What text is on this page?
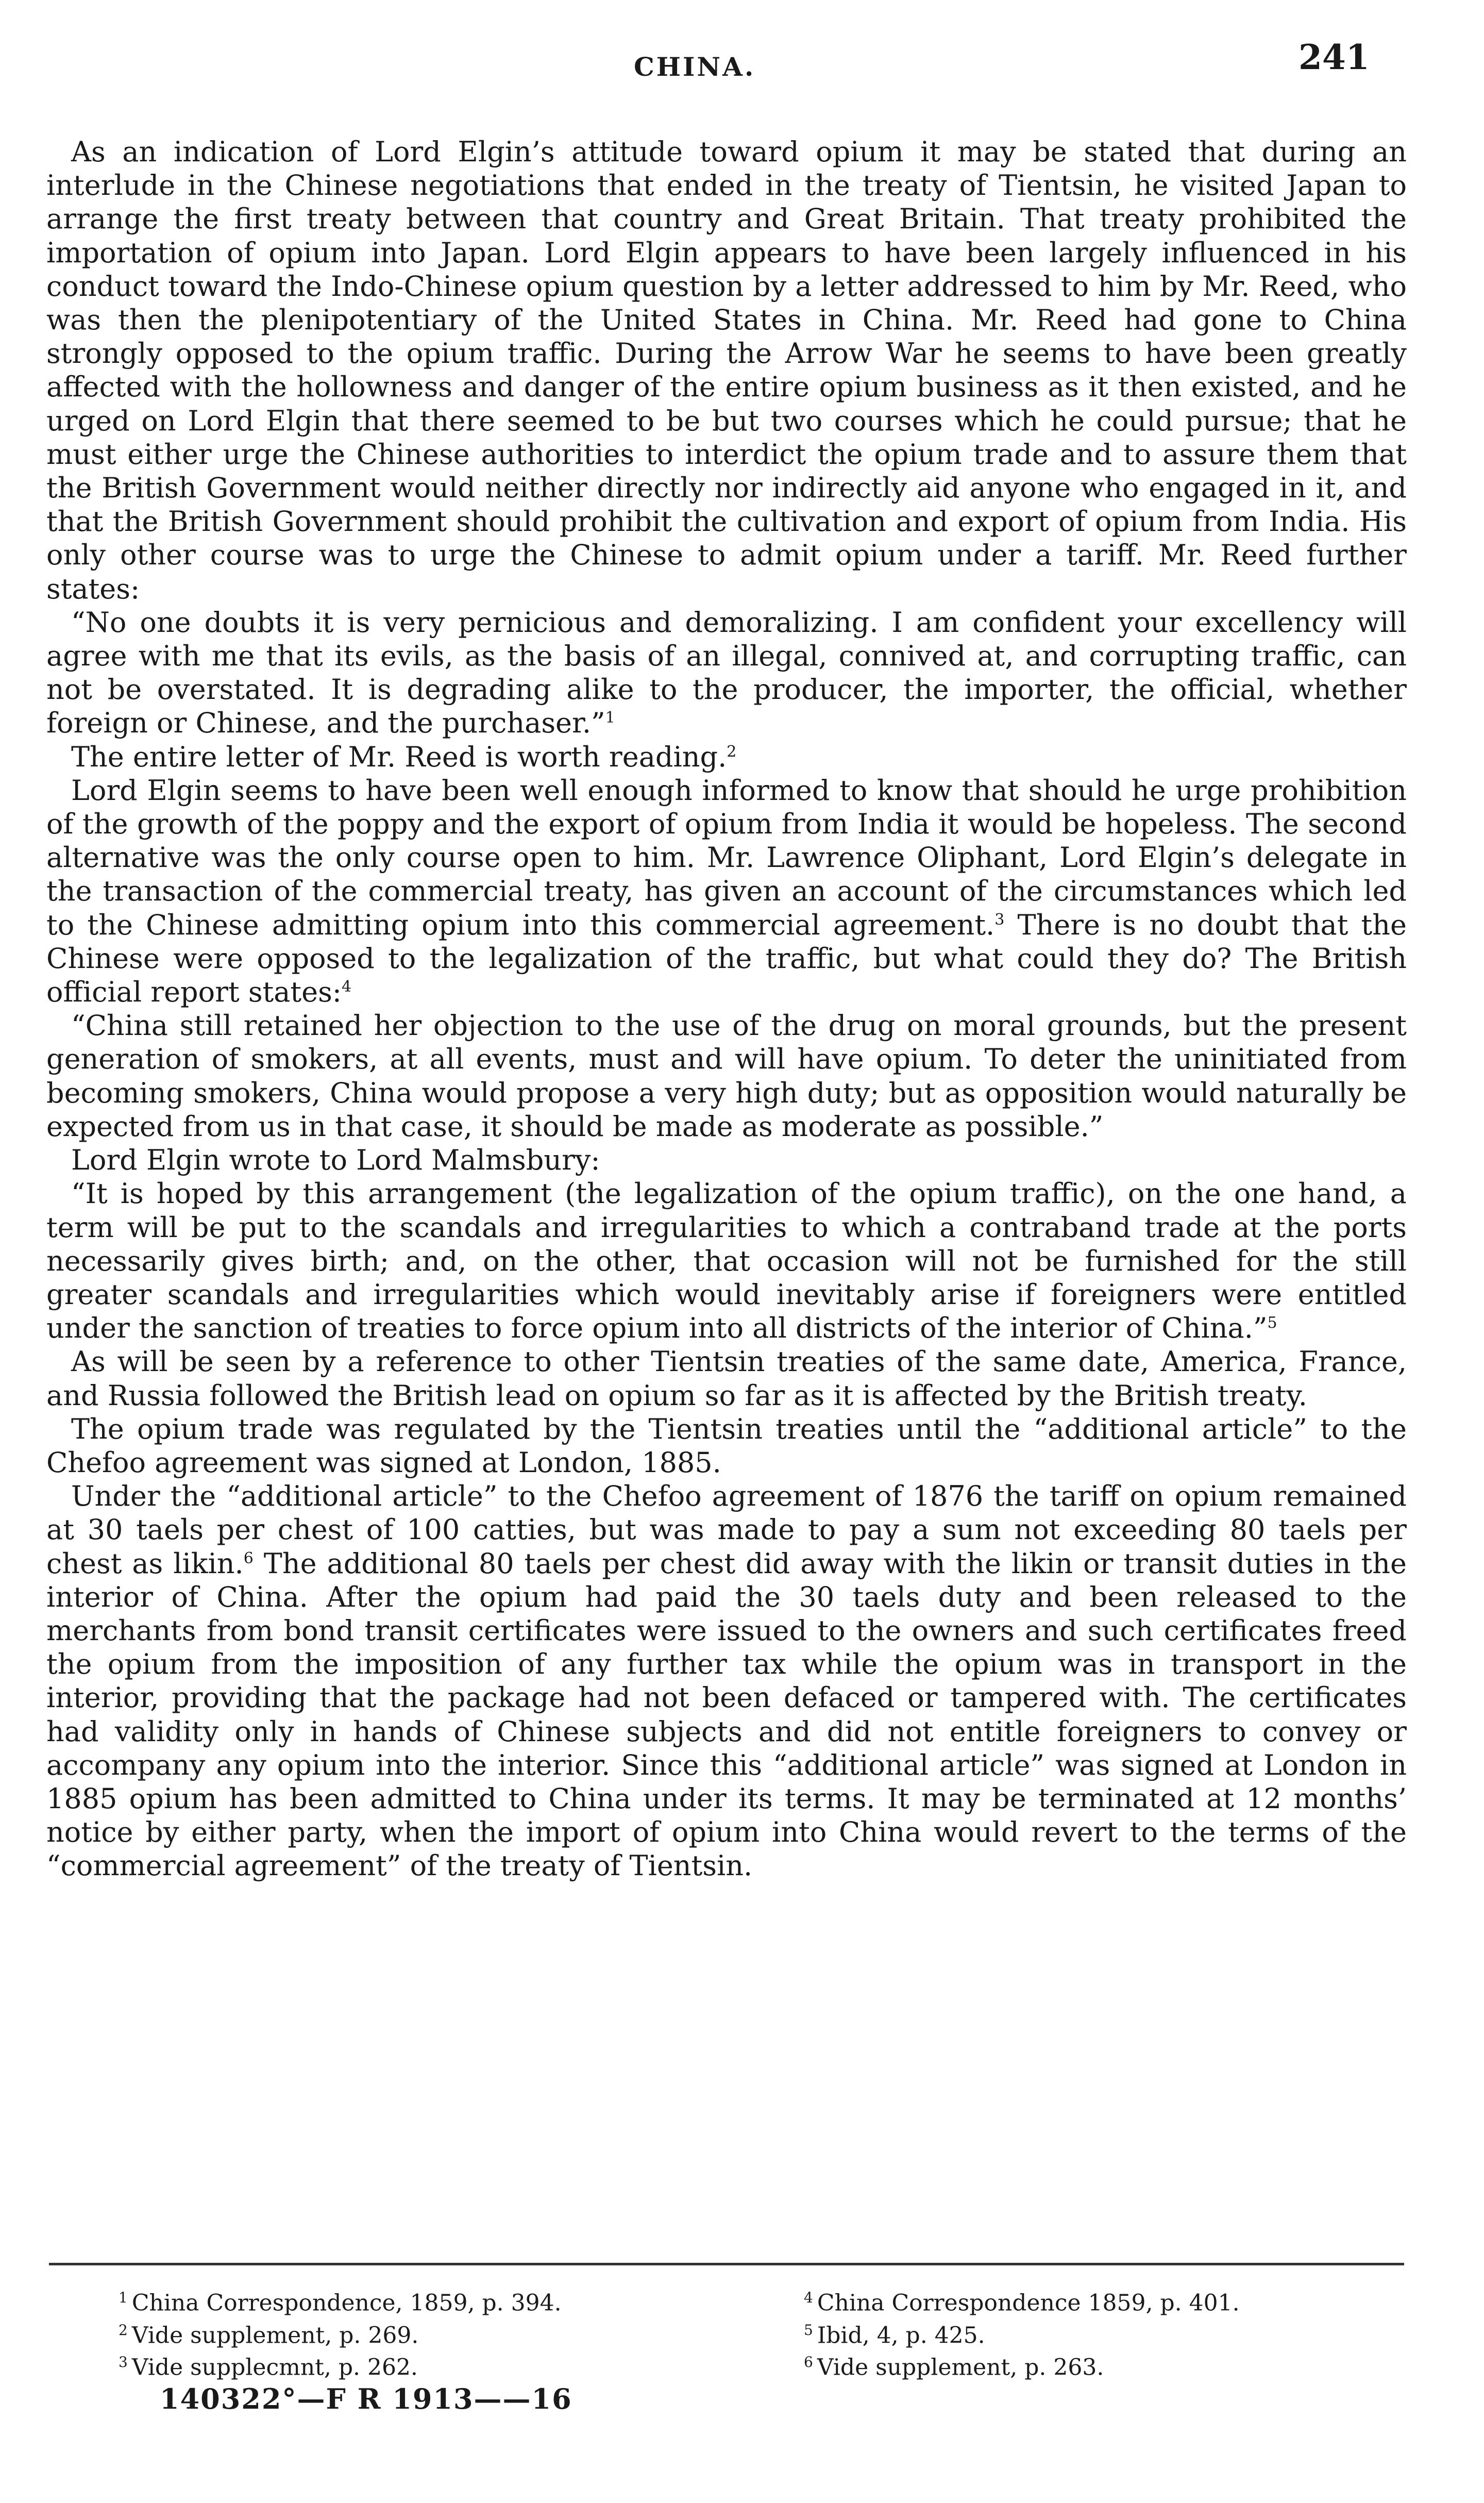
CHINA.	241

As an indication of Lord Elgin’s attitude toward opium it may be stated that during an interlude in the Chinese negotiations that ended in the treaty of Tientsin, he visited Japan to arrange the first treaty between that country and Great Britain. That treaty prohibited the importation of opium into Japan. Lord Elgin appears to have been largely influenced in his conduct toward the Indo-Chinese opium question by a letter addressed to him by Mr. Reed, who was then the plenipotentiary of the United States in China. Mr. Reed had gone to China strongly opposed to the opium traffic. During the Arrow War he seems to have been greatly affected with the hollowness and danger of the entire opium business as it then existed, and he urged on Lord Elgin that there seemed to be but two courses which he could pursue; that he must either urge the Chinese authorities to interdict the opium trade and to assure them that the British Government would neither directly nor indirectly aid anyone who engaged in it, and that the British Government should prohibit the cultivation and export of opium from India. His only other course was to urge the Chinese to admit opium under a tariff. Mr. Reed further states:

“No one doubts it is very pernicious and demoralizing. I am confident your excellency will agree with me that its evils, as the basis of an illegal, connived at, and corrupting traffic, can not be overstated. It is degrading alike to the producer, the importer, the official, whether foreign or Chinese, and the purchaser.”$^1$

The entire letter of Mr. Reed is worth reading.$^2$

Lord Elgin seems to have been well enough informed to know that should he urge prohibition of the growth of the poppy and the export of opium from India it would be hopeless. The second alternative was the only course open to him. Mr. Lawrence Oliphant, Lord Elgin’s delegate in the transaction of the commercial treaty, has given an account of the circumstances which led to the Chinese admitting opium into this commercial agreement.$^3$ There is no doubt that the Chinese were opposed to the legalization of the traffic, but what could they do? The British official report states:$^4$

“China still retained her objection to the use of the drug on moral grounds, but the present generation of smokers, at all events, must and will have opium. To deter the uninitiated from becoming smokers, China would propose a very high duty; but as opposition would naturally be expected from us in that case, it should be made as moderate as possible.”

Lord Elgin wrote to Lord Malmsbury:

“It is hoped by this arrangement (the legalization of the opium traffic), on the one hand, a term will be put to the scandals and irregularities to which a contraband trade at the ports necessarily gives birth; and, on the other, that occasion will not be furnished for the still greater scandals and irregularities which would inevitably arise if foreigners were entitled under the sanction of treaties to force opium into all districts of the interior of China.”$^5$

As will be seen by a reference to other Tientsin treaties of the same date, America, France, and Russia followed the British lead on opium so far as it is affected by the British treaty.

The opium trade was regulated by the Tientsin treaties until the “additional article” to the Chefoo agreement was signed at London, 1885.

Under the “additional article” to the Chefoo agreement of 1876 the tariff on opium remained at 30 taels per chest of 100 catties, but was made to pay a sum not exceeding 80 taels per chest as likin.$^6$ The additional 80 taels per chest did away with the likin or transit duties in the interior of China. After the opium had paid the 30 taels duty and been released to the merchants from bond transit certificates were issued to the owners and such certificates freed the opium from the imposition of any further tax while the opium was in transport in the interior, providing that the package had not been defaced or tampered with. The certificates had validity only in hands of Chinese subjects and did not entitle foreigners to convey or accompany any opium into the interior. Since this “additional article” was signed at London in 1885 opium has been admitted to China under its terms. It may be terminated at 12 months’ notice by either party, when the import of opium into China would revert to the terms of the “commercial agreement” of the treaty of Tientsin.

$^1$ China Correspondence, 1859, p. 394.
$^2$ Vide supplement, p. 269.
$^3$ Vide supplecmnt, p. 262.
$^4$ China Correspondence 1859, p. 401.
$^5$ Ibid, 4, p. 425.
$^6$ Vide supplement, p. 263.
140322°—F R 1913——16
